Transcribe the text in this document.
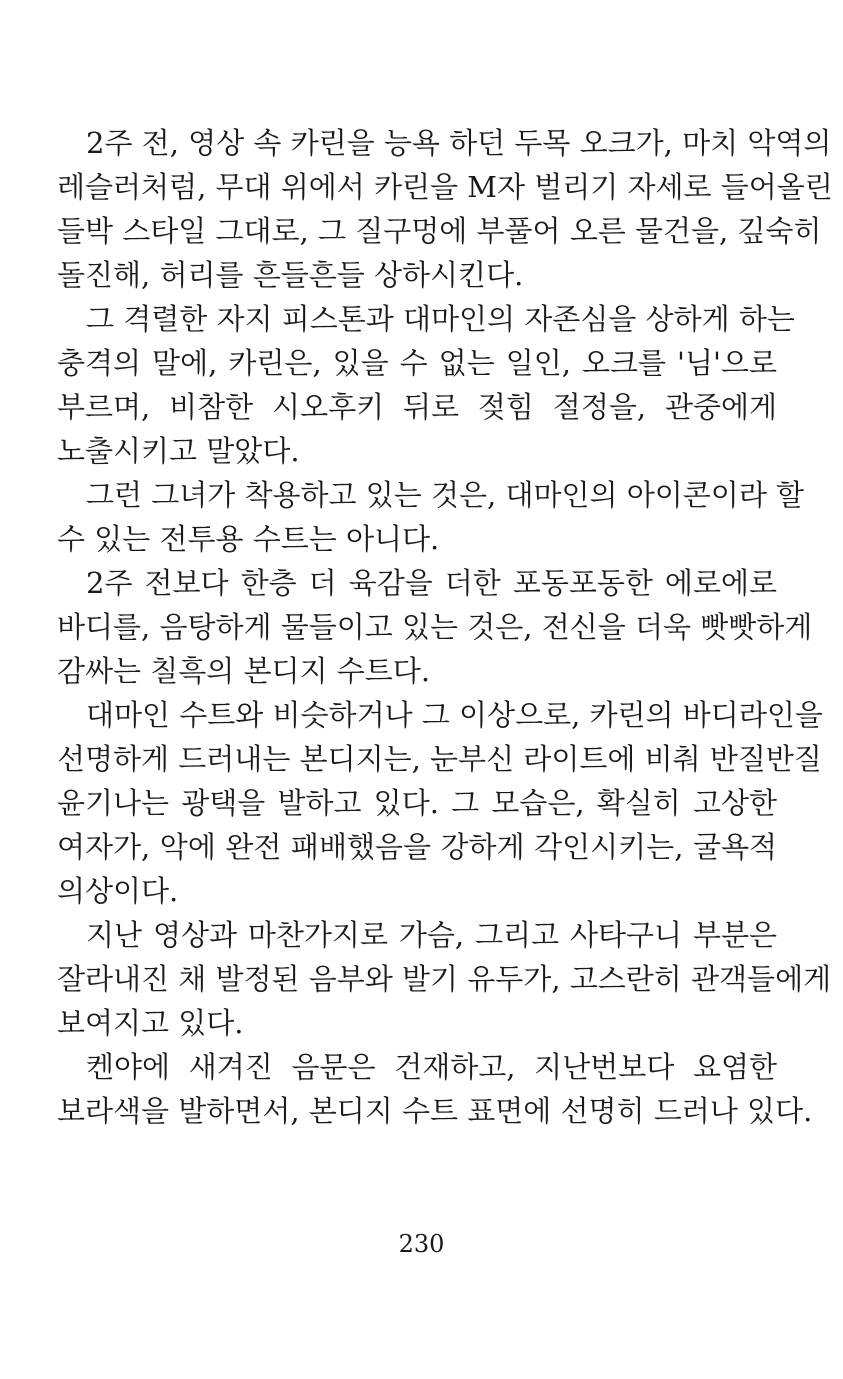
2주 전, 영상 속 카린을 능욕 하던 두목 오크가, 마치 악역의
레슬러처럼, 무대 위에서 카린을 M자 벌리기 자세로 들어올린
들박 스타일 그대로, 그 질구멍에 부풀어 오른 물건을, 깊숙히
돌진해, 허리를 흔들흔들 상하시킨다.

그 격렬한 자지 피스톤과 대마인의 자존심을 상하게 하는
충격의 말에, 카린은, 있을 수 없는 일인, 오크를 '님'으로
부르며, 비참한 시오후키 뒤로 젖힘 절정을, 관중에게
노출시키고 말았다.

그런 그녀가 착용하고 있는 것은, 대마인의 아이콘이라 할
수 있는 전투용 수트는 아니다.

2주 전보다 한층 더 육감을 더한 포동포동한 에로에로
바디를, 음탕하게 물들이고 있는 것은, 전신을 더욱 빳빳하게
감싸는 칠흑의 본디지 수트다.

대마인 수트와 비슷하거나 그 이상으로, 카린의 바디라인을
선명하게 드러내는 본디지는, 눈부신 라이트에 비춰 반질반질
윤기나는 광택을 발하고 있다. 그 모습은, 확실히 고상한
여자가, 악에 완전 패배했음을 강하게 각인시키는, 굴욕적
의상이다.

지난 영상과 마찬가지로 가슴, 그리고 사타구니 부분은
잘라내진 채 발정된 음부와 발기 유두가, 고스란히 관객들에게
보여지고 있다.

켄야에 새겨진 음문은 건재하고, 지난번보다 요염한
보라색을 발하면서, 본디지 수트 표면에 선명히 드러나 있다.

230
